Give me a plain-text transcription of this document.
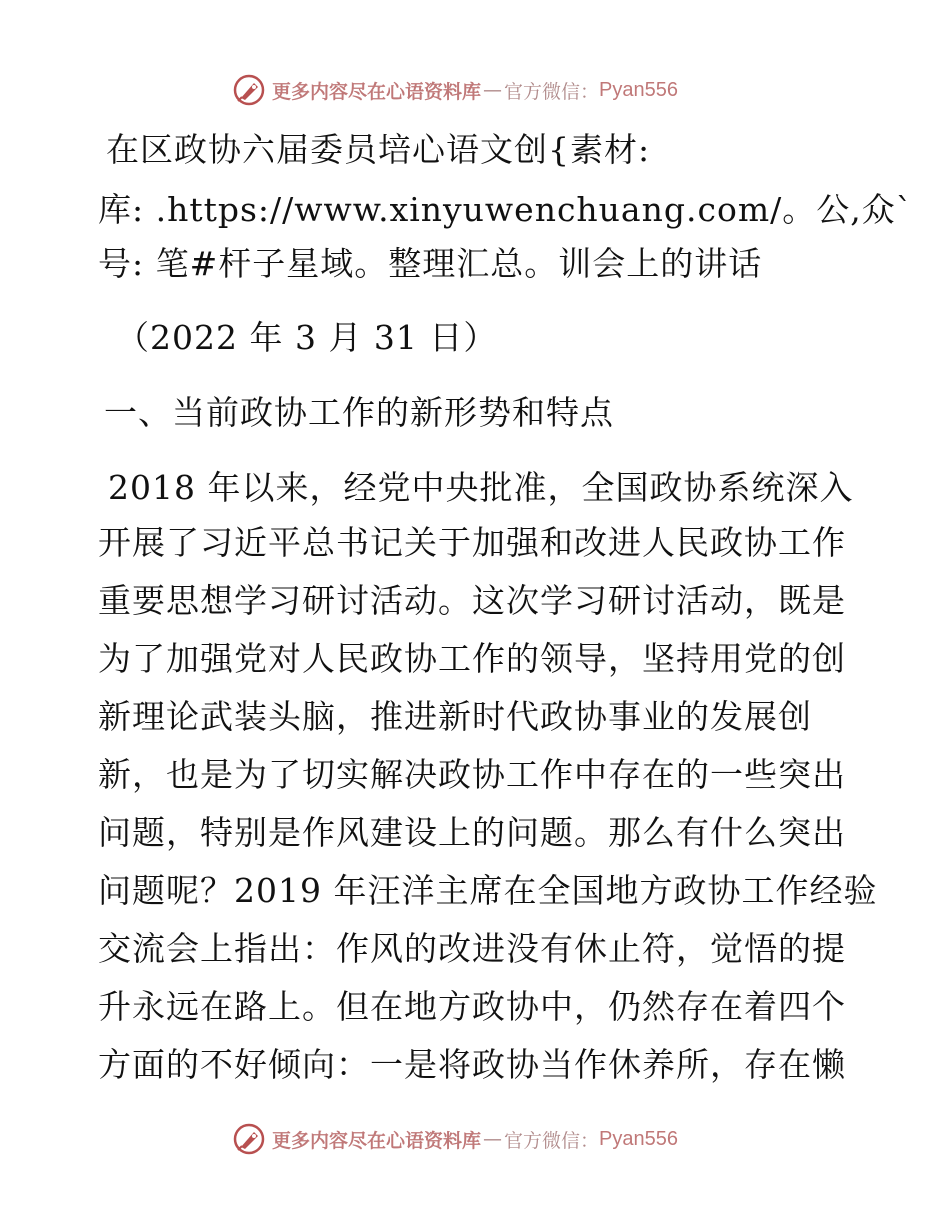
更多内容尽在心语资料库 — 官方微信： Pyan556
在区政协六届委员培心语文创{素材:
库: .https://www.xinyuwenchuang.com/。公,众`
号: 笔#杆子星域。整理汇总。训会上的讲话
（2022 年 3 月 31 日）
一、当前政协工作的新形势和特点
2018 年以来，经党中央批准，全国政协系统深入
开展了习近平总书记关于加强和改进人民政协工作
重要思想学习研讨活动。这次学习研讨活动，既是
为了加强党对人民政协工作的领导，坚持用党的创
新理论武装头脑，推进新时代政协事业的发展创
新，也是为了切实解决政协工作中存在的一些突出
问题，特别是作风建设上的问题。那么有什么突出
问题呢？2019 年汪洋主席在全国地方政协工作经验
交流会上指出：作风的改进没有休止符，觉悟的提
升永远在路上。但在地方政协中，仍然存在着四个
方面的不好倾向：一是将政协当作休养所，存在懒
更多内容尽在心语资料库 — 官方微信： Pyan556
